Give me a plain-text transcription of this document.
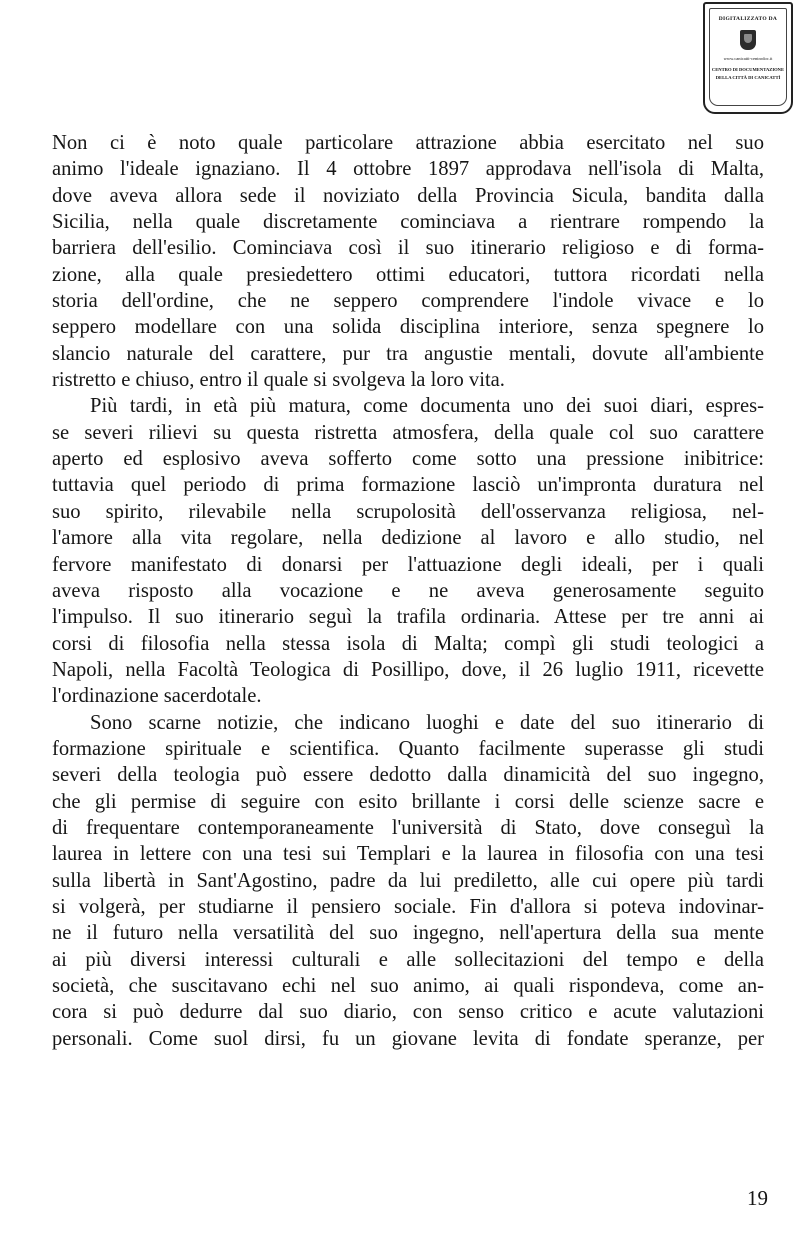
DIGITALIZZATO DA
www.canicatti-centrodoc.it
CENTRO DI DOCUMENTAZIONE
DELLA CITTÀ DI CANICATTÌ
Non ci è noto quale particolare attrazione abbia esercitato nel suo
animo l'ideale ignaziano. Il 4 ottobre 1897 approdava nell'isola di Malta,
dove aveva allora sede il noviziato della Provincia Sicula, bandita dalla
Sicilia, nella quale discretamente cominciava a rientrare rompendo la
barriera dell'esilio. Cominciava così il suo itinerario religioso e di forma-
zione, alla quale presiedettero ottimi educatori, tuttora ricordati nella
storia dell'ordine, che ne seppero comprendere l'indole vivace e lo
seppero modellare con una solida disciplina interiore, senza spegnere lo
slancio naturale del carattere, pur tra angustie mentali, dovute all'ambiente
ristretto e chiuso, entro il quale si svolgeva la loro vita.
Più tardi, in età più matura, come documenta uno dei suoi diari, espres-
se severi rilievi su questa ristretta atmosfera, della quale col suo carattere
aperto ed esplosivo aveva sofferto come sotto una pressione inibitrice:
tuttavia quel periodo di prima formazione lasciò un'impronta duratura nel
suo spirito, rilevabile nella scrupolosità dell'osservanza religiosa, nel-
l'amore alla vita regolare, nella dedizione al lavoro e allo studio, nel
fervore manifestato di donarsi per l'attuazione degli ideali, per i quali
aveva risposto alla vocazione e ne aveva generosamente seguito
l'impulso. Il suo itinerario seguì la trafila ordinaria. Attese per tre anni ai
corsi di filosofia nella stessa isola di Malta; compì gli studi teologici a
Napoli, nella Facoltà Teologica di Posillipo, dove, il 26 luglio 1911, ricevette
l'ordinazione sacerdotale.
Sono scarne notizie, che indicano luoghi e date del suo itinerario di
formazione spirituale e scientifica. Quanto facilmente superasse gli studi
severi della teologia può essere dedotto dalla dinamicità del suo ingegno,
che gli permise di seguire con esito brillante i corsi delle scienze sacre e
di frequentare contemporaneamente l'università di Stato, dove conseguì la
laurea in lettere con una tesi sui Templari e la laurea in filosofia con una tesi
sulla libertà in Sant'Agostino, padre da lui prediletto, alle cui opere più tardi
si volgerà, per studiarne il pensiero sociale. Fin d'allora si poteva indovinar-
ne il futuro nella versatilità del suo ingegno, nell'apertura della sua mente
ai più diversi interessi culturali e alle sollecitazioni del tempo e della
società, che suscitavano echi nel suo animo, ai quali rispondeva, come an-
cora si può dedurre dal suo diario, con senso critico e acute valutazioni
personali. Come suol dirsi, fu un giovane levita di fondate speranze, per
19
